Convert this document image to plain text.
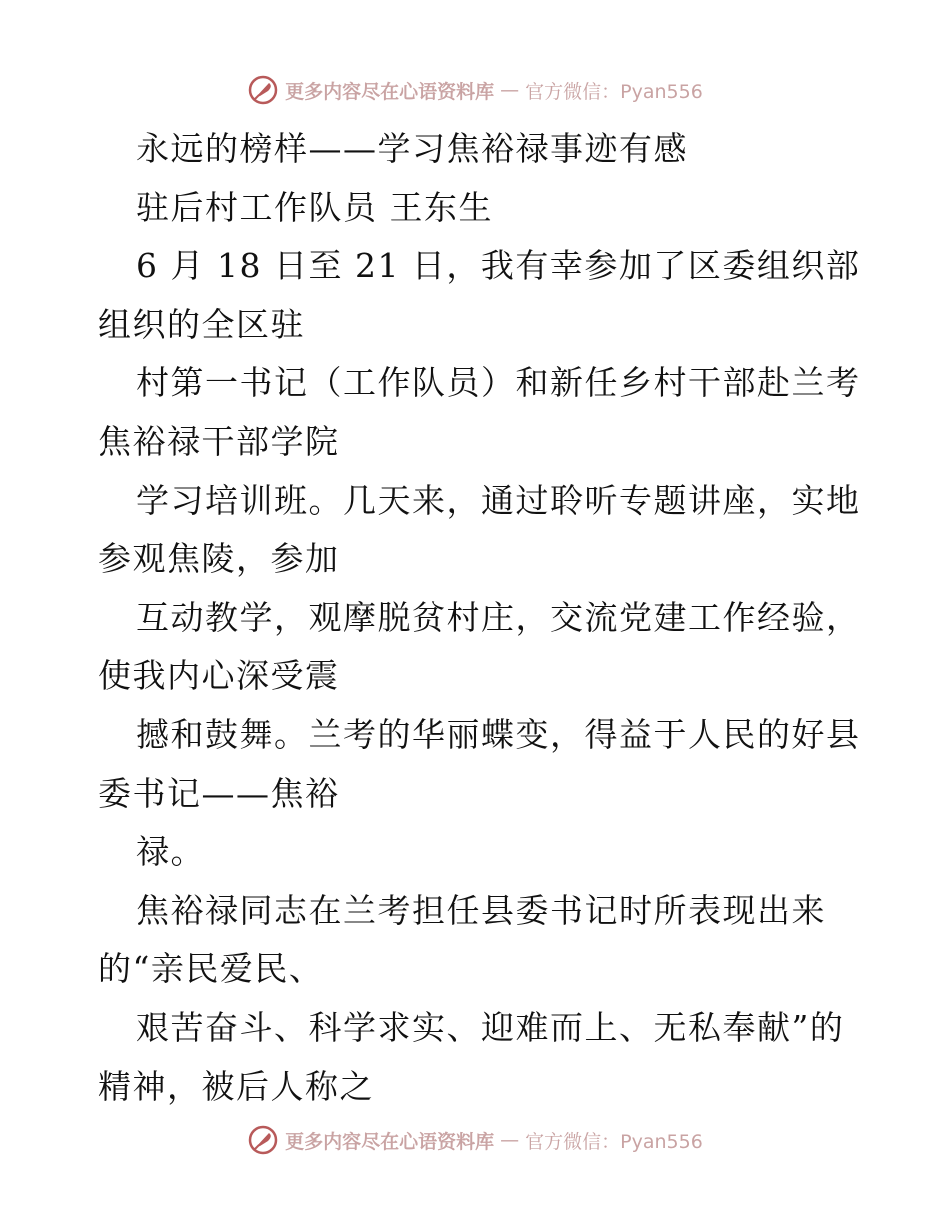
更多内容尽在心语资料库 — 官方微信：Pyan556
永远的榜样——学习焦裕禄事迹有感
驻后村工作队员 王东生
6 月 18 日至 21 日，我有幸参加了区委组织部
组织的全区驻
村第一书记（工作队员）和新任乡村干部赴兰考
焦裕禄干部学院
学习培训班。几天来，通过聆听专题讲座，实地
参观焦陵，参加
互动教学，观摩脱贫村庄，交流党建工作经验，
使我内心深受震
撼和鼓舞。兰考的华丽蝶变，得益于人民的好县
委书记——焦裕
禄。
焦裕禄同志在兰考担任县委书记时所表现出来
的“亲民爱民、
艰苦奋斗、科学求实、迎难而上、无私奉献”的
精神，被后人称之
更多内容尽在心语资料库 — 官方微信：Pyan556
